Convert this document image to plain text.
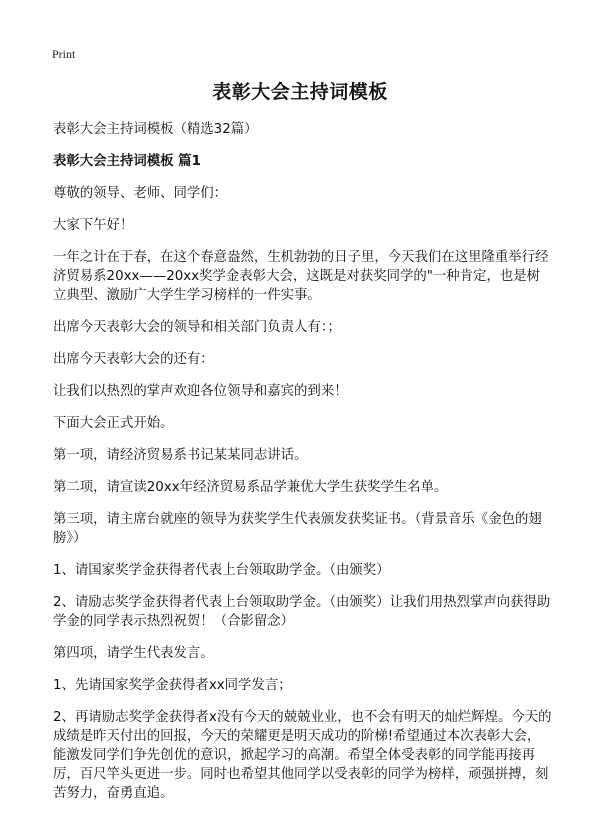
Print
表彰大会主持词模板

表彰大会主持词模板（精选32篇）

表彰大会主持词模板 篇1

尊敬的领导、老师、同学们：

大家下午好！

一年之计在于春，在这个春意盎然，生机勃勃的日子里，今天我们在这里隆重举行经济贸易系20xx——20xx奖学金表彰大会，这既是对获奖同学的"一种肯定，也是树立典型、激励广大学生学习榜样的一件实事。

出席今天表彰大会的领导和相关部门负责人有：；

出席今天表彰大会的还有：

让我们以热烈的掌声欢迎各位领导和嘉宾的到来！

下面大会正式开始。

第一项，请经济贸易系书记某某同志讲话。

第二项，请宣读20xx年经济贸易系品学兼优大学生获奖学生名单。

第三项，请主席台就座的领导为获奖学生代表颁发获奖证书。（背景音乐《金色的翅膀》）

1、请国家奖学金获得者代表上台领取助学金。（由颁奖）

2、请励志奖学金获得者代表上台领取助学金。（由颁奖）让我们用热烈掌声向获得助学金的同学表示热烈祝贺！（合影留念）

第四项，请学生代表发言。

1、先请国家奖学金获得者xx同学发言；

2、再请励志奖学金获得者x没有今天的兢兢业业，也不会有明天的灿烂辉煌。今天的成绩是昨天付出的回报，今天的荣耀更是明天成功的阶梯!希望通过本次表彰大会，能激发同学们争先创优的意识，掀起学习的高潮。希望全体受表彰的同学能再接再厉，百尺竿头更进一步。同时也希望其他同学以受表彰的同学为榜样，顽强拼搏，刻苦努力，奋勇直追。
